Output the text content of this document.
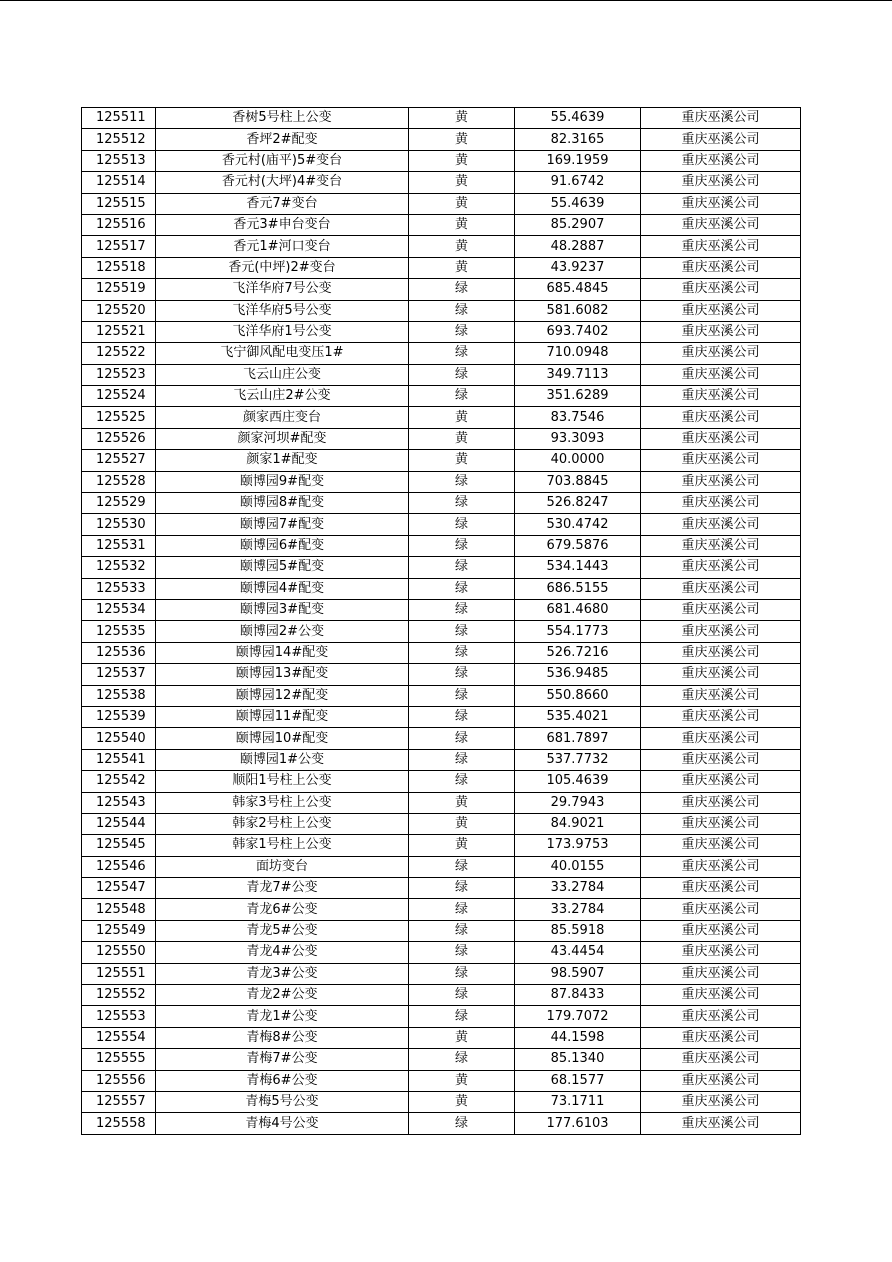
125511	香树5号柱上公变	黄	55.4639	重庆巫溪公司
125512	香坪2#配变	黄	82.3165	重庆巫溪公司
125513	香元村(庙平)5#变台	黄	169.1959	重庆巫溪公司
125514	香元村(大坪)4#变台	黄	91.6742	重庆巫溪公司
125515	香元7#变台	黄	55.4639	重庆巫溪公司
125516	香元3#申台变台	黄	85.2907	重庆巫溪公司
125517	香元1#河口变台	黄	48.2887	重庆巫溪公司
125518	香元(中坪)2#变台	黄	43.9237	重庆巫溪公司
125519	飞洋华府7号公变	绿	685.4845	重庆巫溪公司
125520	飞洋华府5号公变	绿	581.6082	重庆巫溪公司
125521	飞洋华府1号公变	绿	693.7402	重庆巫溪公司
125522	飞宁御风配电变压1#	绿	710.0948	重庆巫溪公司
125523	飞云山庄公变	绿	349.7113	重庆巫溪公司
125524	飞云山庄2#公变	绿	351.6289	重庆巫溪公司
125525	颜家西庄变台	黄	83.7546	重庆巫溪公司
125526	颜家河坝#配变	黄	93.3093	重庆巫溪公司
125527	颜家1#配变	黄	40.0000	重庆巫溪公司
125528	颐博园9#配变	绿	703.8845	重庆巫溪公司
125529	颐博园8#配变	绿	526.8247	重庆巫溪公司
125530	颐博园7#配变	绿	530.4742	重庆巫溪公司
125531	颐博园6#配变	绿	679.5876	重庆巫溪公司
125532	颐博园5#配变	绿	534.1443	重庆巫溪公司
125533	颐博园4#配变	绿	686.5155	重庆巫溪公司
125534	颐博园3#配变	绿	681.4680	重庆巫溪公司
125535	颐博园2#公变	绿	554.1773	重庆巫溪公司
125536	颐博园14#配变	绿	526.7216	重庆巫溪公司
125537	颐博园13#配变	绿	536.9485	重庆巫溪公司
125538	颐博园12#配变	绿	550.8660	重庆巫溪公司
125539	颐博园11#配变	绿	535.4021	重庆巫溪公司
125540	颐博园10#配变	绿	681.7897	重庆巫溪公司
125541	颐博园1#公变	绿	537.7732	重庆巫溪公司
125542	顺阳1号柱上公变	绿	105.4639	重庆巫溪公司
125543	韩家3号柱上公变	黄	29.7943	重庆巫溪公司
125544	韩家2号柱上公变	黄	84.9021	重庆巫溪公司
125545	韩家1号柱上公变	黄	173.9753	重庆巫溪公司
125546	面坊变台	绿	40.0155	重庆巫溪公司
125547	青龙7#公变	绿	33.2784	重庆巫溪公司
125548	青龙6#公变	绿	33.2784	重庆巫溪公司
125549	青龙5#公变	绿	85.5918	重庆巫溪公司
125550	青龙4#公变	绿	43.4454	重庆巫溪公司
125551	青龙3#公变	绿	98.5907	重庆巫溪公司
125552	青龙2#公变	绿	87.8433	重庆巫溪公司
125553	青龙1#公变	绿	179.7072	重庆巫溪公司
125554	青梅8#公变	黄	44.1598	重庆巫溪公司
125555	青梅7#公变	绿	85.1340	重庆巫溪公司
125556	青梅6#公变	黄	68.1577	重庆巫溪公司
125557	青梅5号公变	黄	73.1711	重庆巫溪公司
125558	青梅4号公变	绿	177.6103	重庆巫溪公司
